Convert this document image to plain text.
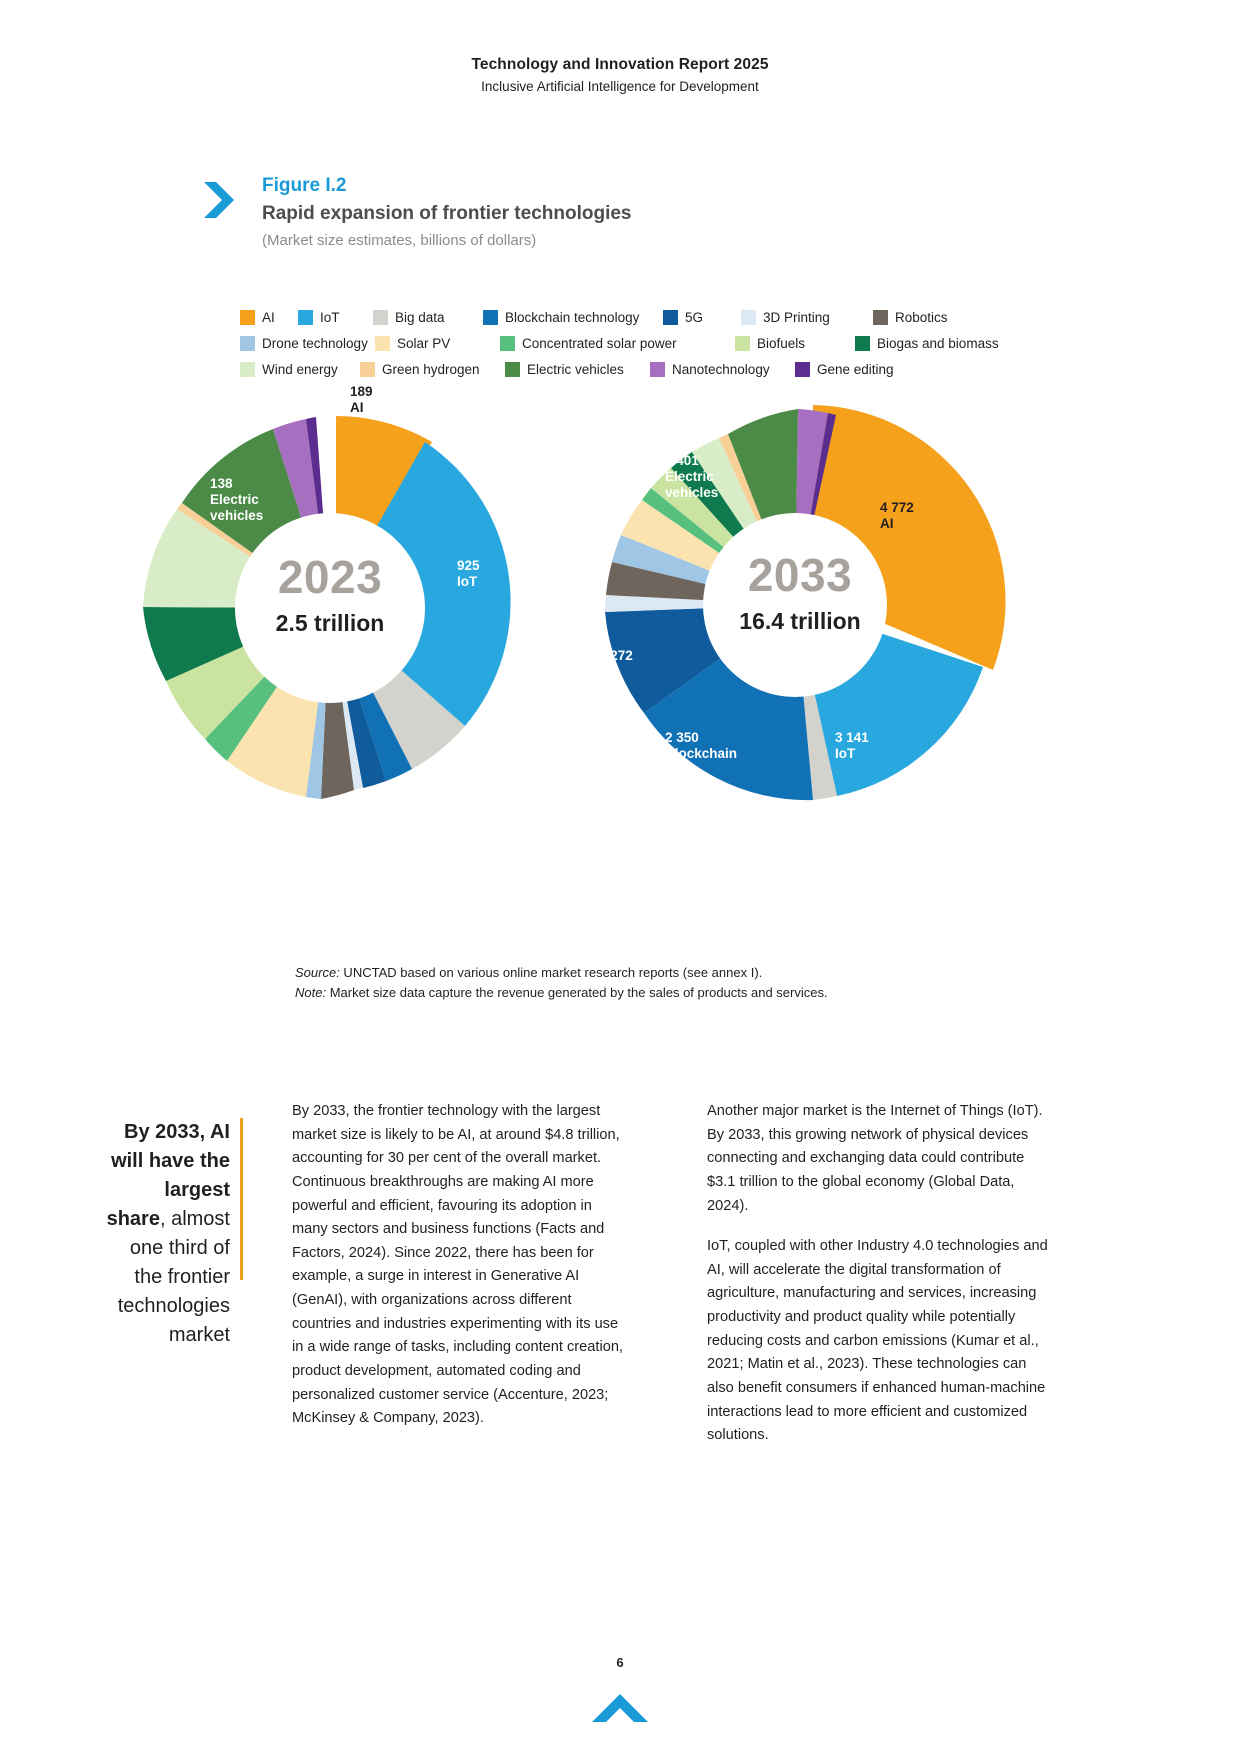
Technology and Innovation Report 2025
Inclusive Artificial Intelligence for Development
Figure I.2
Rapid expansion of frontier technologies
(Market size estimates, billions of dollars)
AI	IoT	Big data	Blockchain technology	5G	3D Printing	Robotics
Drone technology Solar PV	Concentrated solar power	Biofuels	Biogas and biomass
Wind energy	Green hydrogen	Electric vehicles	Nanotechnology	Gene editing
2023
2.5 trillion
189
AI
925
IoT
138
Electric
vehicles
2033
16.4 trillion
4 772
AI
3 141
IoT
2 350
Blockchain
1 272
5G
1 401
Electric
vehicles
Source: UNCTAD based on various online market research reports (see annex I).
Note: Market size data capture the revenue generated by the sales of products and services.
By 2033, AI will have the largest share, almost one third of the frontier technologies market

By 2033, the frontier technology with the largest market size is likely to be AI, at around $4.8 trillion, accounting for 30 per cent of the overall market. Continuous breakthroughs are making AI more powerful and efficient, favouring its adoption in many sectors and business functions (Facts and Factors, 2024). Since 2022, there has been for example, a surge in interest in Generative AI (GenAI), with organizations across different countries and industries experimenting with its use in a wide range of tasks, including content creation, product development, automated coding and personalized customer service (Accenture, 2023; McKinsey & Company, 2023).

Another major market is the Internet of Things (IoT). By 2033, this growing network of physical devices connecting and exchanging data could contribute $3.1 trillion to the global economy (Global Data, 2024).

IoT, coupled with other Industry 4.0 technologies and AI, will accelerate the digital transformation of agriculture, manufacturing and services, increasing productivity and product quality while potentially reducing costs and carbon emissions (Kumar et al., 2021; Matin et al., 2023). These technologies can also benefit consumers if enhanced human-machine interactions lead to more efficient and customized solutions.

6
